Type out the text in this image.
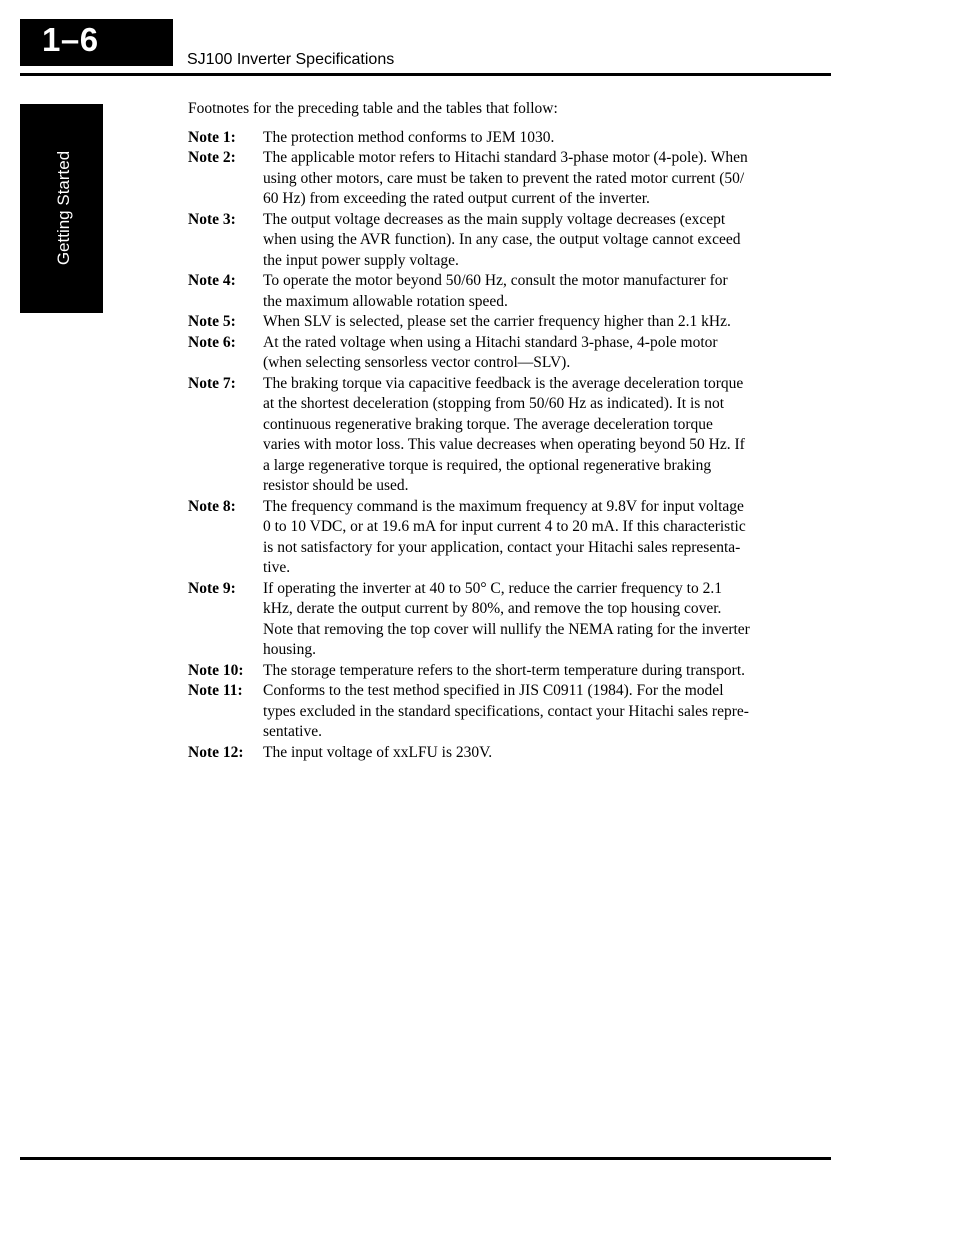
1–6
SJ100 Inverter Specifications
Getting Started

Footnotes for the preceding table and the tables that follow:

Note 1:	The protection method conforms to JEM 1030.
Note 2:	The applicable motor refers to Hitachi standard 3-phase motor (4-pole). When
using other motors, care must be taken to prevent the rated motor current (50/
60 Hz) from exceeding the rated output current of the inverter.
Note 3:	The output voltage decreases as the main supply voltage decreases (except
when using the AVR function). In any case, the output voltage cannot exceed
the input power supply voltage.
Note 4:	To operate the motor beyond 50/60 Hz, consult the motor manufacturer for
the maximum allowable rotation speed.
Note 5:	When SLV is selected, please set the carrier frequency higher than 2.1 kHz.
Note 6:	At the rated voltage when using a Hitachi standard 3-phase, 4-pole motor
(when selecting sensorless vector control—SLV).
Note 7:	The braking torque via capacitive feedback is the average deceleration torque
at the shortest deceleration (stopping from 50/60 Hz as indicated). It is not
continuous regenerative braking torque. The average deceleration torque
varies with motor loss. This value decreases when operating beyond 50 Hz. If
a large regenerative torque is required, the optional regenerative braking
resistor should be used.
Note 8:	The frequency command is the maximum frequency at 9.8V for input voltage
0 to 10 VDC, or at 19.6 mA for input current 4 to 20 mA. If this characteristic
is not satisfactory for your application, contact your Hitachi sales representa-
tive.
Note 9:	If operating the inverter at 40 to 50° C, reduce the carrier frequency to 2.1
kHz, derate the output current by 80%, and remove the top housing cover.
Note that removing the top cover will nullify the NEMA rating for the inverter
housing.
Note 10:	The storage temperature refers to the short-term temperature during transport.
Note 11:	Conforms to the test method specified in JIS C0911 (1984). For the model
types excluded in the standard specifications, contact your Hitachi sales repre-
sentative.
Note 12:	The input voltage of xxLFU is 230V.
